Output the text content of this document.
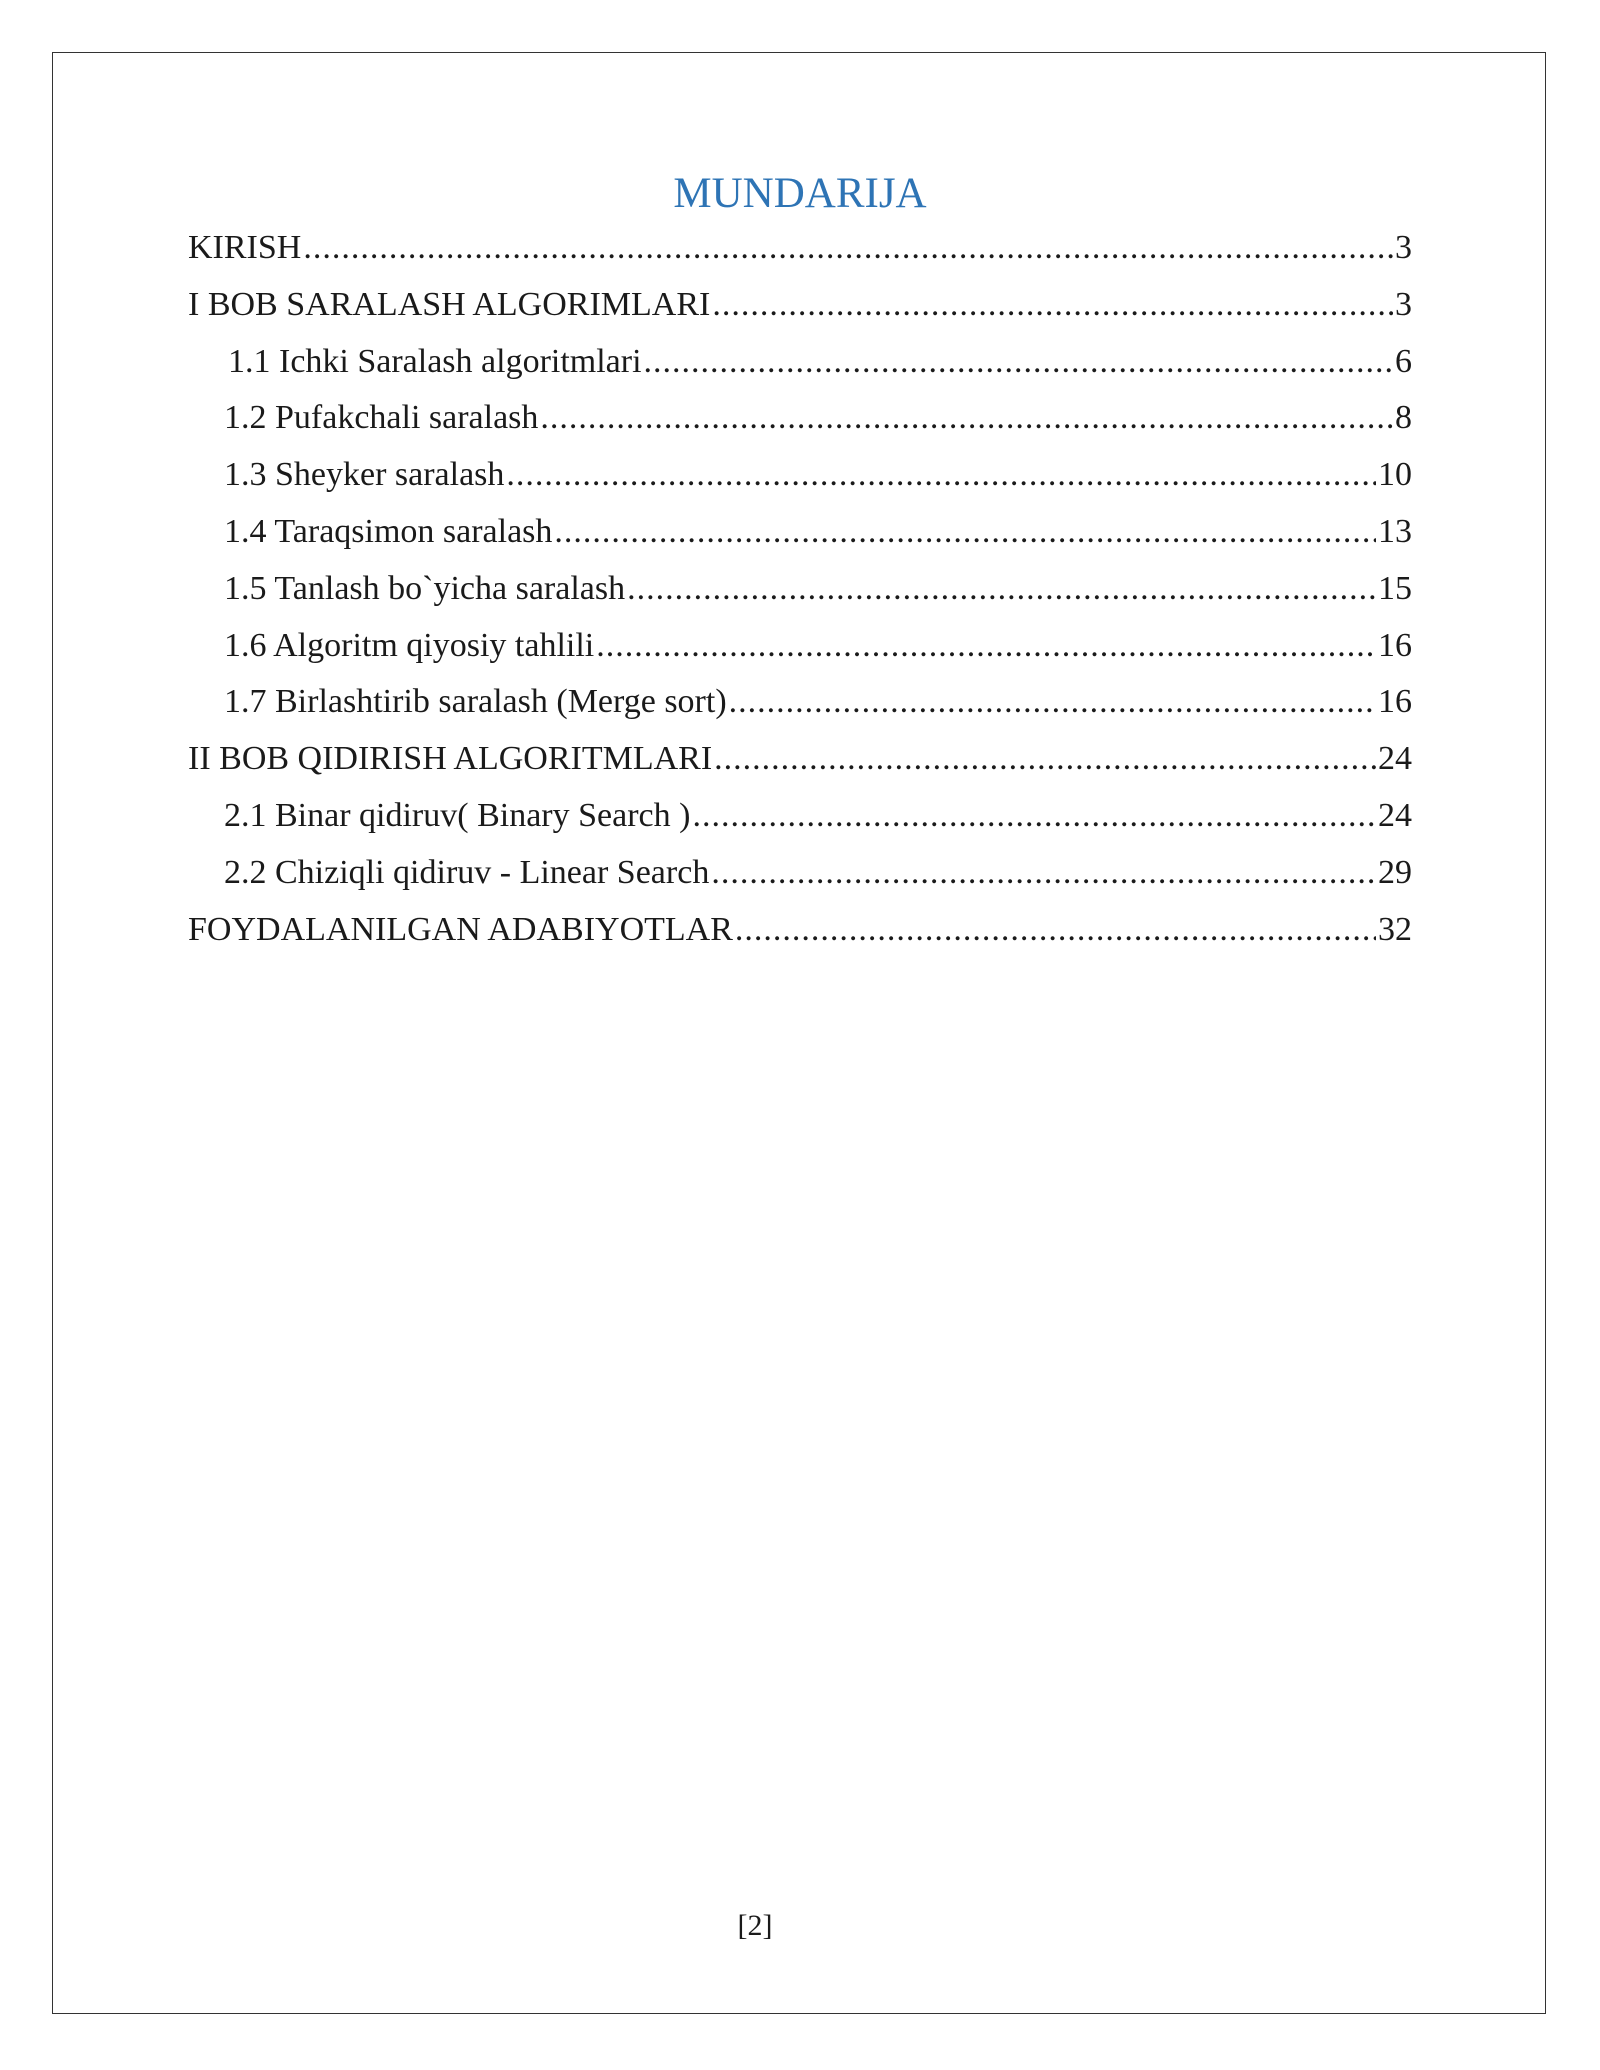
MUNDARIJA
KIRISH .....	3
I BOB SARALASH ALGORIMLARI .....	3
1.1 Ichki Saralash algoritmlari .....	6
1.2 Pufakchali saralash .....	8
1.3 Sheyker saralash .....	10
1.4 Taraqsimon saralash .....	13
1.5 Tanlash bo`yicha saralash .....	15
1.6 Algoritm qiyosiy tahlili .....	16
1.7 Birlashtirib saralash (Merge sort) .....	16
II BOB QIDIRISH ALGORITMLARI .....	24
2.1 Binar qidiruv( Binary Search ) .....	24
2.2 Chiziqli qidiruv - Linear Search .....	29
FOYDALANILGAN ADABIYOTLAR .....	32
[2]
